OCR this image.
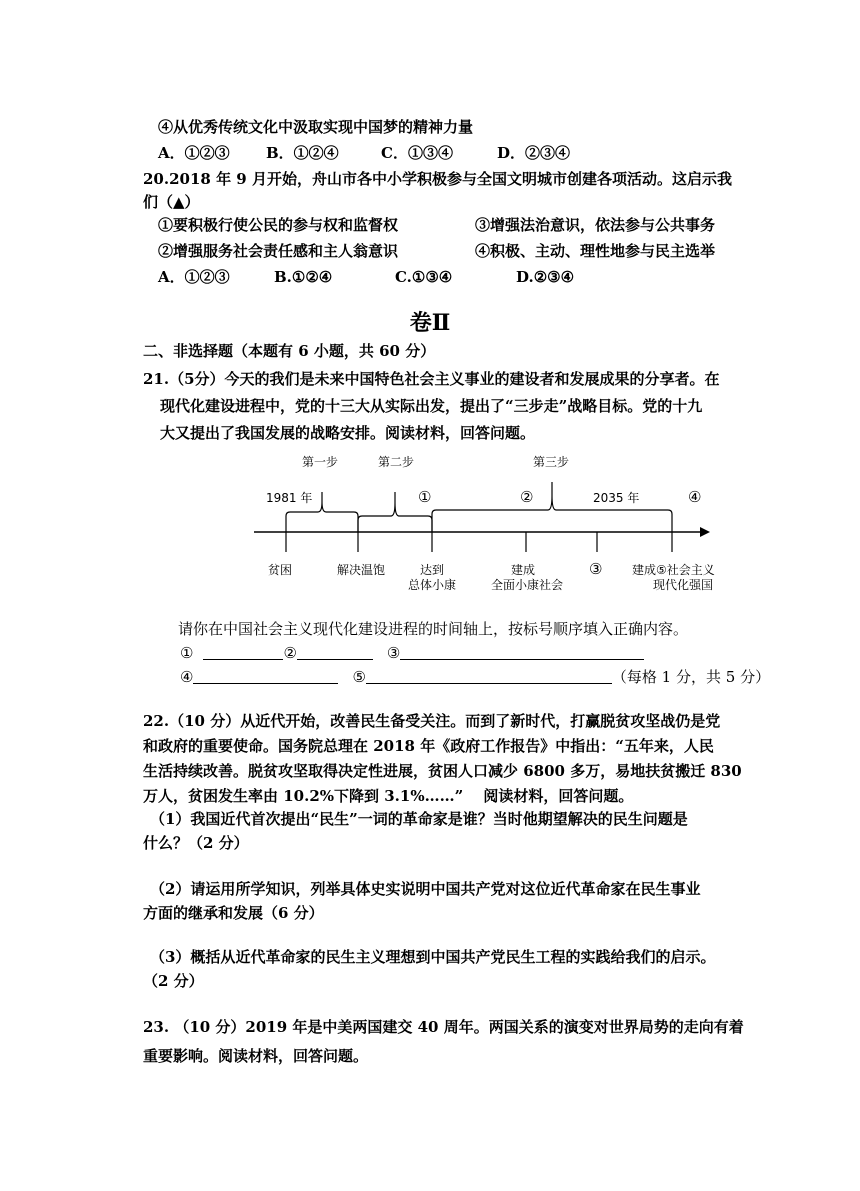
④从优秀传统文化中汲取实现中国梦的精神力量
A．①②③ B．①②④	C．①③④	D．②③④
20.2018 年 9 月开始，舟山市各中小学积极参与全国文明城市创建各项活动。这启示我
们（▲）
①要积极行使公民的参与权和监督权	③增强法治意识，依法参与公共事务
②增强服务社会责任感和主人翁意识	④积极、主动、理性地参与民主选举
A．①②③	B.①②④	C.①③④	D.②③④
卷Ⅱ
二、非选择题（本题有 6 小题，共 60 分）
21.（5分）今天的我们是未来中国特色社会主义事业的建设者和发展成果的分享者。在
现代化建设进程中，党的十三大从实际出发，提出了“三步走”战略目标。党的十九
大又提出了我国发展的战略安排。阅读材料，回答问题。
第一步	第二步	第三步
1981 年	①	②	2035 年	④
贫困	解决温饱	达到
总体小康
建成
全面小康社会
③ 建成⑤社会主义
现代化强国
请你在中国社会主义现代化建设进程的时间轴上，按标号顺序填入正确内容。
①	②	③
④	⑤	（每格 1 分，共 5 分）
22.（10 分）从近代开始，改善民生备受关注。而到了新时代，打赢脱贫攻坚战仍是党
和政府的重要使命。国务院总理在 2018 年《政府工作报告》中指出：“五年来，人民
生活持续改善。脱贫攻坚取得决定性进展，贫困人口减少 6800 多万，易地扶贫搬迁 830
万人，贫困发生率由 10.2%下降到 3.1%……”　 阅读材料，回答问题。
（1）我国近代首次提出“民生”一词的革命家是谁？当时他期望解决的民生问题是
什么？（2 分）
（2）请运用所学知识，列举具体史实说明中国共产党对这位近代革命家在民生事业
方面的继承和发展（6 分）
（3）概括从近代革命家的民生主义理想到中国共产党民生工程的实践给我们的启示。
（2 分）
23. （10 分）2019 年是中美两国建交 40 周年。两国关系的演变对世界局势的走向有着
重要影响。阅读材料，回答问题。
